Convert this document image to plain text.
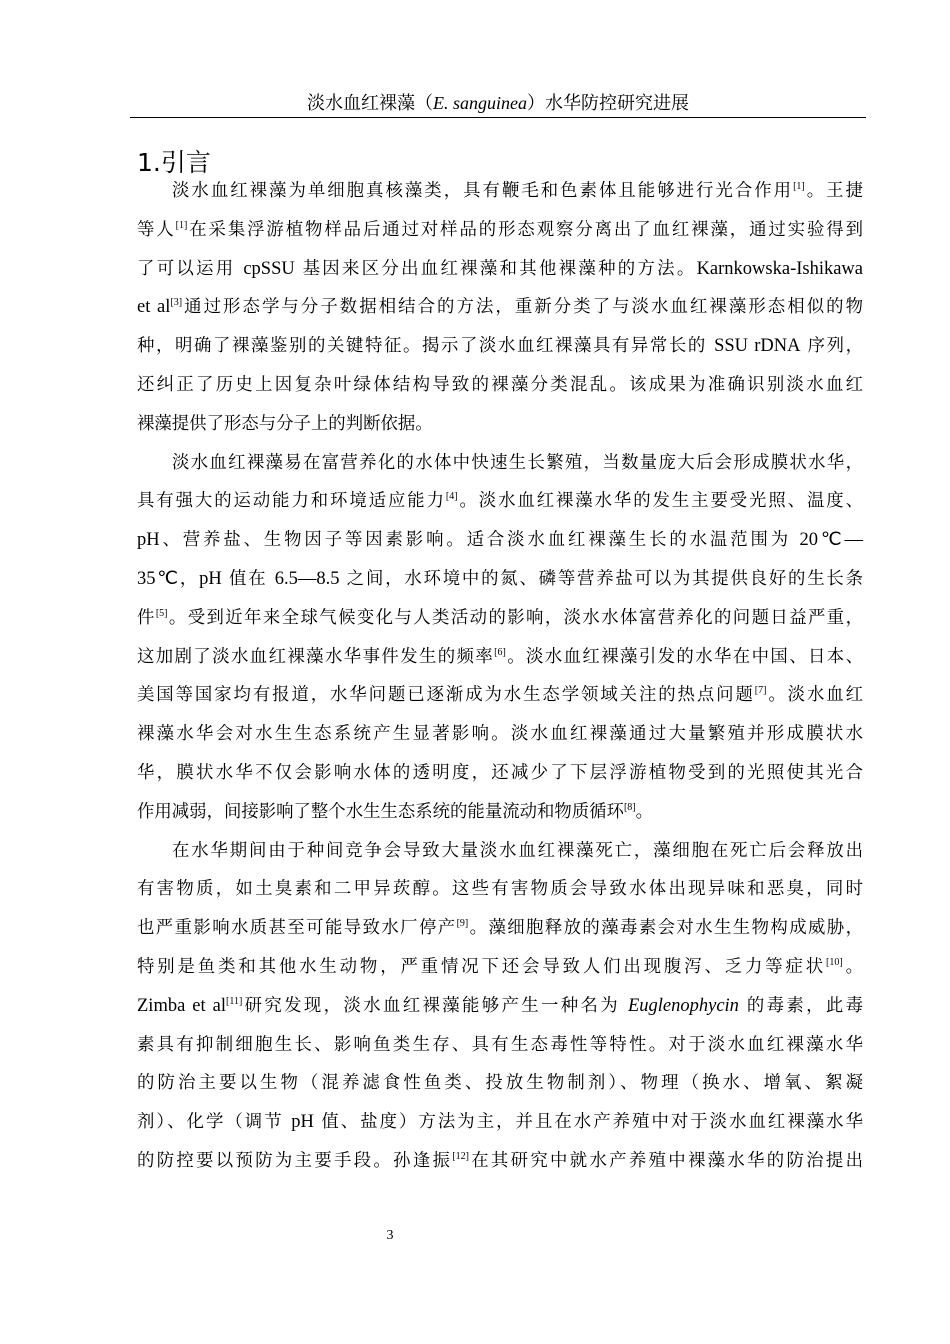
淡水血红裸藻（E. sanguinea）水华防控研究进展
1.引言
淡水血红裸藻为单细胞真核藻类，具有鞭毛和色素体且能够进行光合作用[1]。王捷
等人[1]在采集浮游植物样品后通过对样品的形态观察分离出了血红裸藻，通过实验得到
了可以运用 cpSSU 基因来区分出血红裸藻和其他裸藻种的方法。Karnkowska-Ishikawa
et al[3]通过形态学与分子数据相结合的方法，重新分类了与淡水血红裸藻形态相似的物
种，明确了裸藻鉴别的关键特征。揭示了淡水血红裸藻具有异常长的 SSU rDNA 序列，
还纠正了历史上因复杂叶绿体结构导致的裸藻分类混乱。该成果为准确识别淡水血红
裸藻提供了形态与分子上的判断依据。
淡水血红裸藻易在富营养化的水体中快速生长繁殖，当数量庞大后会形成膜状水华，
具有强大的运动能力和环境适应能力[4]。淡水血红裸藻水华的发生主要受光照、温度、
pH、营养盐、生物因子等因素影响。适合淡水血红裸藻生长的水温范围为 20℃—
35℃，pH 值在 6.5—8.5 之间，水环境中的氮、磷等营养盐可以为其提供良好的生长条
件[5]。受到近年来全球气候变化与人类活动的影响，淡水水体富营养化的问题日益严重，
这加剧了淡水血红裸藻水华事件发生的频率[6]。淡水血红裸藻引发的水华在中国、日本、
美国等国家均有报道，水华问题已逐渐成为水生态学领域关注的热点问题[7]。淡水血红
裸藻水华会对水生生态系统产生显著影响。淡水血红裸藻通过大量繁殖并形成膜状水
华，膜状水华不仅会影响水体的透明度，还减少了下层浮游植物受到的光照使其光合
作用减弱，间接影响了整个水生生态系统的能量流动和物质循环[8]。
在水华期间由于种间竞争会导致大量淡水血红裸藻死亡，藻细胞在死亡后会释放出
有害物质，如土臭素和二甲异莰醇。这些有害物质会导致水体出现异味和恶臭，同时
也严重影响水质甚至可能导致水厂停产[9]。藻细胞释放的藻毒素会对水生生物构成威胁，
特别是鱼类和其他水生动物，严重情况下还会导致人们出现腹泻、乏力等症状[10]。
Zimba et al[11]研究发现，淡水血红裸藻能够产生一种名为 Euglenophycin 的毒素，此毒
素具有抑制细胞生长、影响鱼类生存、具有生态毒性等特性。对于淡水血红裸藻水华
的防治主要以生物（混养滤食性鱼类、投放生物制剂）、物理（换水、增氧、絮凝
剂）、化学（调节 pH 值、盐度）方法为主，并且在水产养殖中对于淡水血红裸藻水华
的防控要以预防为主要手段。孙逢振[12]在其研究中就水产养殖中裸藻水华的防治提出
3
